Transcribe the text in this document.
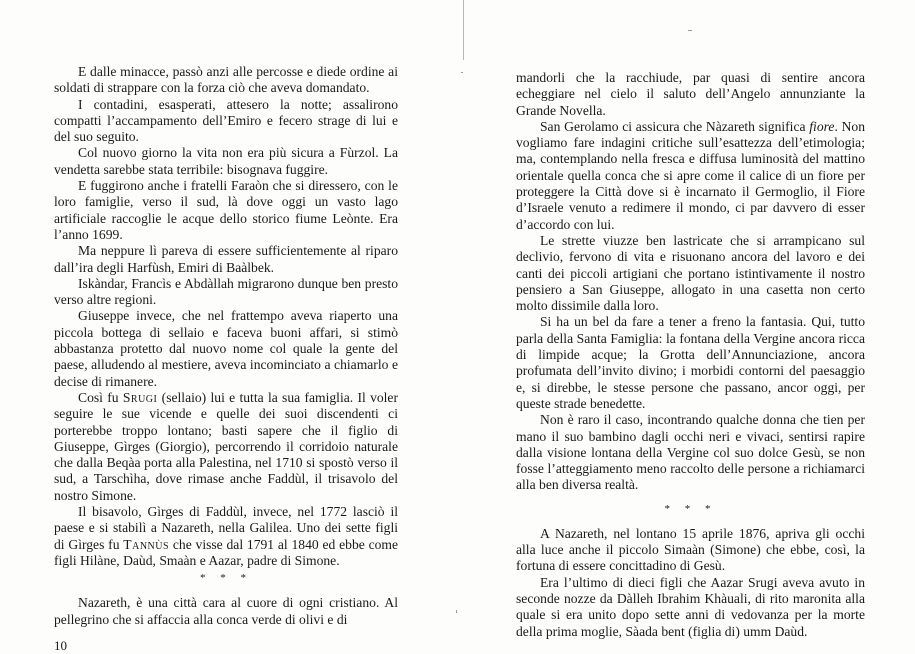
E dalle minacce, passò anzi alle percosse e diede ordine ai soldati di strappare con la forza ciò che aveva domandato.

I contadini, esasperati, attesero la notte; assalirono compatti l’accampamento dell’Emiro e fecero strage di lui e del suo seguito.

Col nuovo giorno la vita non era più sicura a Fùrzol. La vendetta sarebbe stata terribile: bisognava fuggire.

E fuggirono anche i fratelli Faraòn che si diressero, con le loro famiglie, verso il sud, là dove oggi un vasto lago artificiale raccoglie le acque dello storico fiume Leònte. Era l’anno 1699.

Ma neppure lì pareva di essere sufficientemente al riparo dall’ira degli Harfùsh, Emiri di Baàlbek.

Iskàndar, Francìs e Abdàllah migrarono dunque ben presto verso altre regioni.

Giuseppe invece, che nel frattempo aveva riaperto una piccola bottega di sellaio e faceva buoni affari, si stimò abbastanza protetto dal nuovo nome col quale la gente del paese, alludendo al mestiere, aveva incominciato a chiamarlo e decise di rimanere.

Così fu Srugi (sellaio) lui e tutta la sua famiglia. Il voler seguire le sue vicende e quelle dei suoi discendenti ci porterebbe troppo lontano; basti sapere che il figlio di Giuseppe, Gìrges (Giorgio), percorrendo il corridoio naturale che dalla Beqàa porta alla Palestina, nel 1710 si spostò verso il sud, a Tarschìha, dove rimase anche Faddùl, il trisavolo del nostro Simone.

Il bisavolo, Gìrges di Faddùl, invece, nel 1772 lasciò il paese e si stabilì a Nazareth, nella Galilea. Uno dei sette figli di Gìrges fu Tannùs che visse dal 1791 al 1840 ed ebbe come figli Hilàne, Daùd, Smaàn e Aazar, padre di Simone.

* * *

Nazareth, è una città cara al cuore di ogni cristiano. Al pellegrino che si affaccia alla conca verde di olivi e di

10

mandorli che la racchiude, par quasi di sentire ancora echeggiare nel cielo il saluto dell’Angelo annunziante la Grande Novella.

San Gerolamo ci assicura che Nàzareth significa fiore. Non vogliamo fare indagini critiche sull’esattezza dell’etimologia; ma, contemplando nella fresca e diffusa luminosità del mattino orientale quella conca che si apre come il calice di un fiore per proteggere la Città dove si è incarnato il Germoglio, il Fiore d’Israele venuto a redimere il mondo, ci par davvero di esser d’accordo con lui.

Le strette viuzze ben lastricate che si arrampicano sul declivio, fervono di vita e risuonano ancora del lavoro e dei canti dei piccoli artigiani che portano istintivamente il nostro pensiero a San Giuseppe, allogato in una casetta non certo molto dissimile dalla loro.

Si ha un bel da fare a tener a freno la fantasia. Qui, tutto parla della Santa Famiglia: la fontana della Vergine ancora ricca di limpide acque; la Grotta dell’Annunciazione, ancora profumata dell’invito divino; i morbidi contorni del paesaggio e, si direbbe, le stesse persone che passano, ancor oggi, per queste strade benedette.

Non è raro il caso, incontrando qualche donna che tien per mano il suo bambino dagli occhi neri e vivaci, sentirsi rapire dalla visione lontana della Vergine col suo dolce Gesù, se non fosse l’atteggiamento meno raccolto delle persone a richiamarci alla ben diversa realtà.

* * *

A Nazareth, nel lontano 15 aprile 1876, apriva gli occhi alla luce anche il piccolo Simaàn (Simone) che ebbe, così, la fortuna di essere concittadino di Gesù.

Era l’ultimo di dieci figli che Aazar Srugi aveva avuto in seconde nozze da Dàlleh Ibrahim Khàuali, di rito maronita alla quale si era unito dopo sette anni di vedovanza per la morte della prima moglie, Sàada bent (figlia di) umm Daùd.
